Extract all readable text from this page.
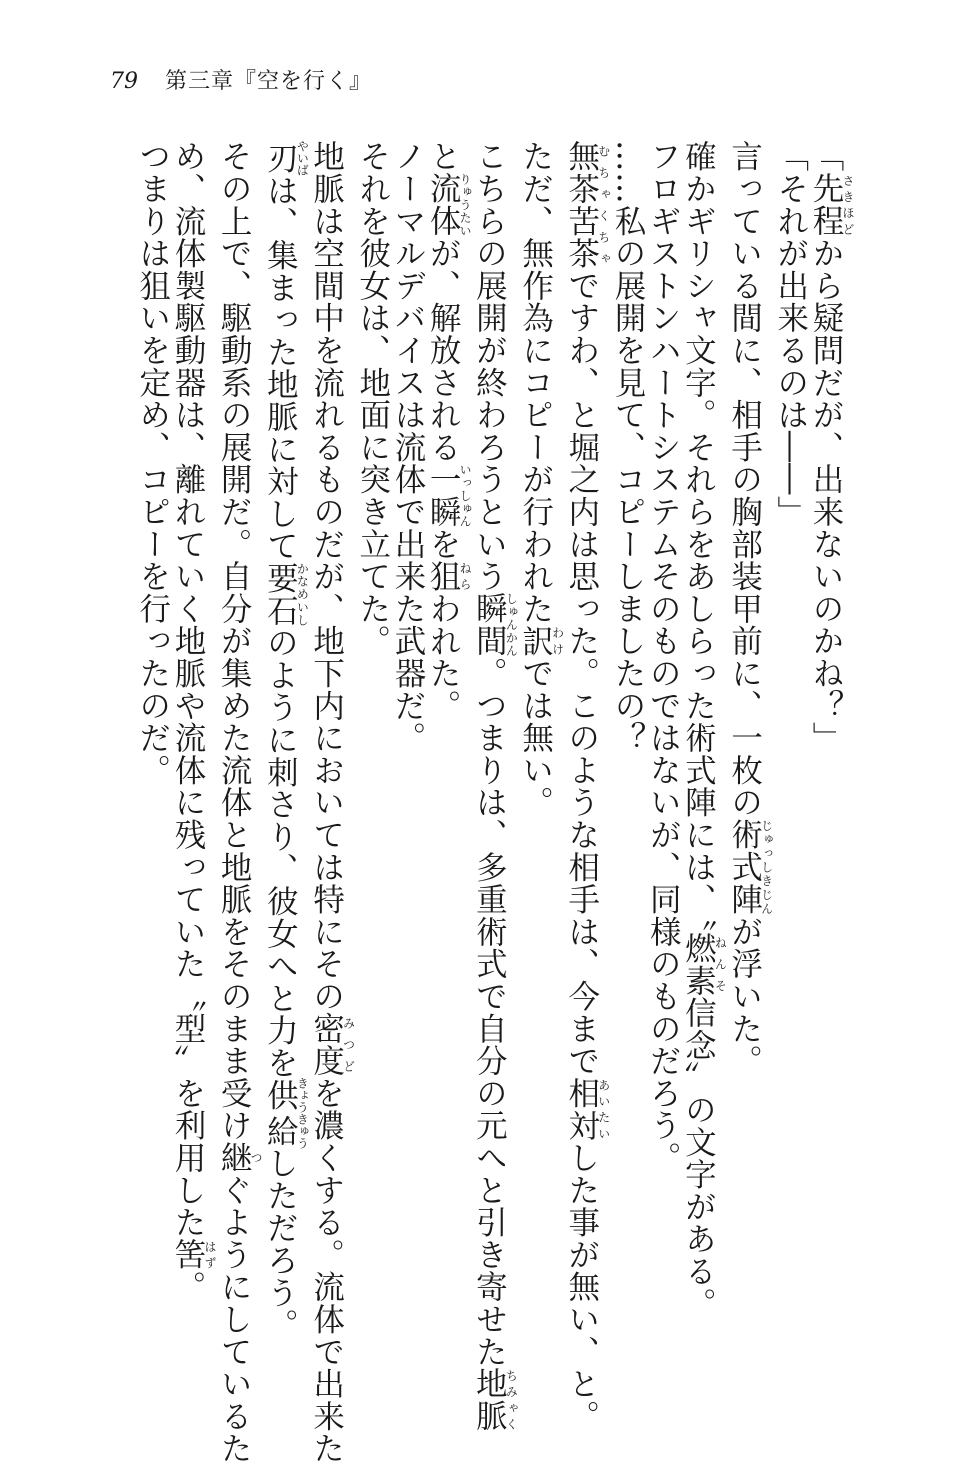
79 第三章『空を行く』
「先程さきほどから疑問だが、出来ないのかね？」
「それが出来るのは――」
言っている間に、相手の胸部装甲前に、一枚の術式陣じゅっしきじんが浮いた。
確かギリシャ文字。それらをあしらった術式陣には、〝燃素ねんそ信念〟の文字がある。
フロギストンハートシステムそのものではないが、同様のものだろう。
……私の展開を見て、コピーしましたの？
無茶苦茶むちゃくちゃですわ、と堀之内は思った。このような相手は、今まで相対あいたいした事が無い、と。
ただ、無作為にコピーが行われた訳わけでは無い。
こちらの展開が終わろうという瞬間しゅんかん。つまりは、多重術式で自分の元へと引き寄せた地脈ちみゃく
と流体りゅうたいが、解放される一瞬いっしゅんを狙ねらわれた。
ノーマルデバイスは流体で出来た武器だ。
それを彼女は、地面に突き立てた。
地脈は空間中を流れるものだが、地下内においては特にその密度みつどを濃くする。流体で出来た
刃やいばは、集まった地脈に対して要石かなめいしのように刺さり、彼女へと力を供給きょうきゅうしただろう。
その上で、駆動系の展開だ。自分が集めた流体と地脈をそのまま受け継つぐようにしているた
め、流体製駆動器は、離れていく地脈や流体に残っていた〝型〟を利用した筈はず。
つまりは狙いを定め、コピーを行ったのだ。
